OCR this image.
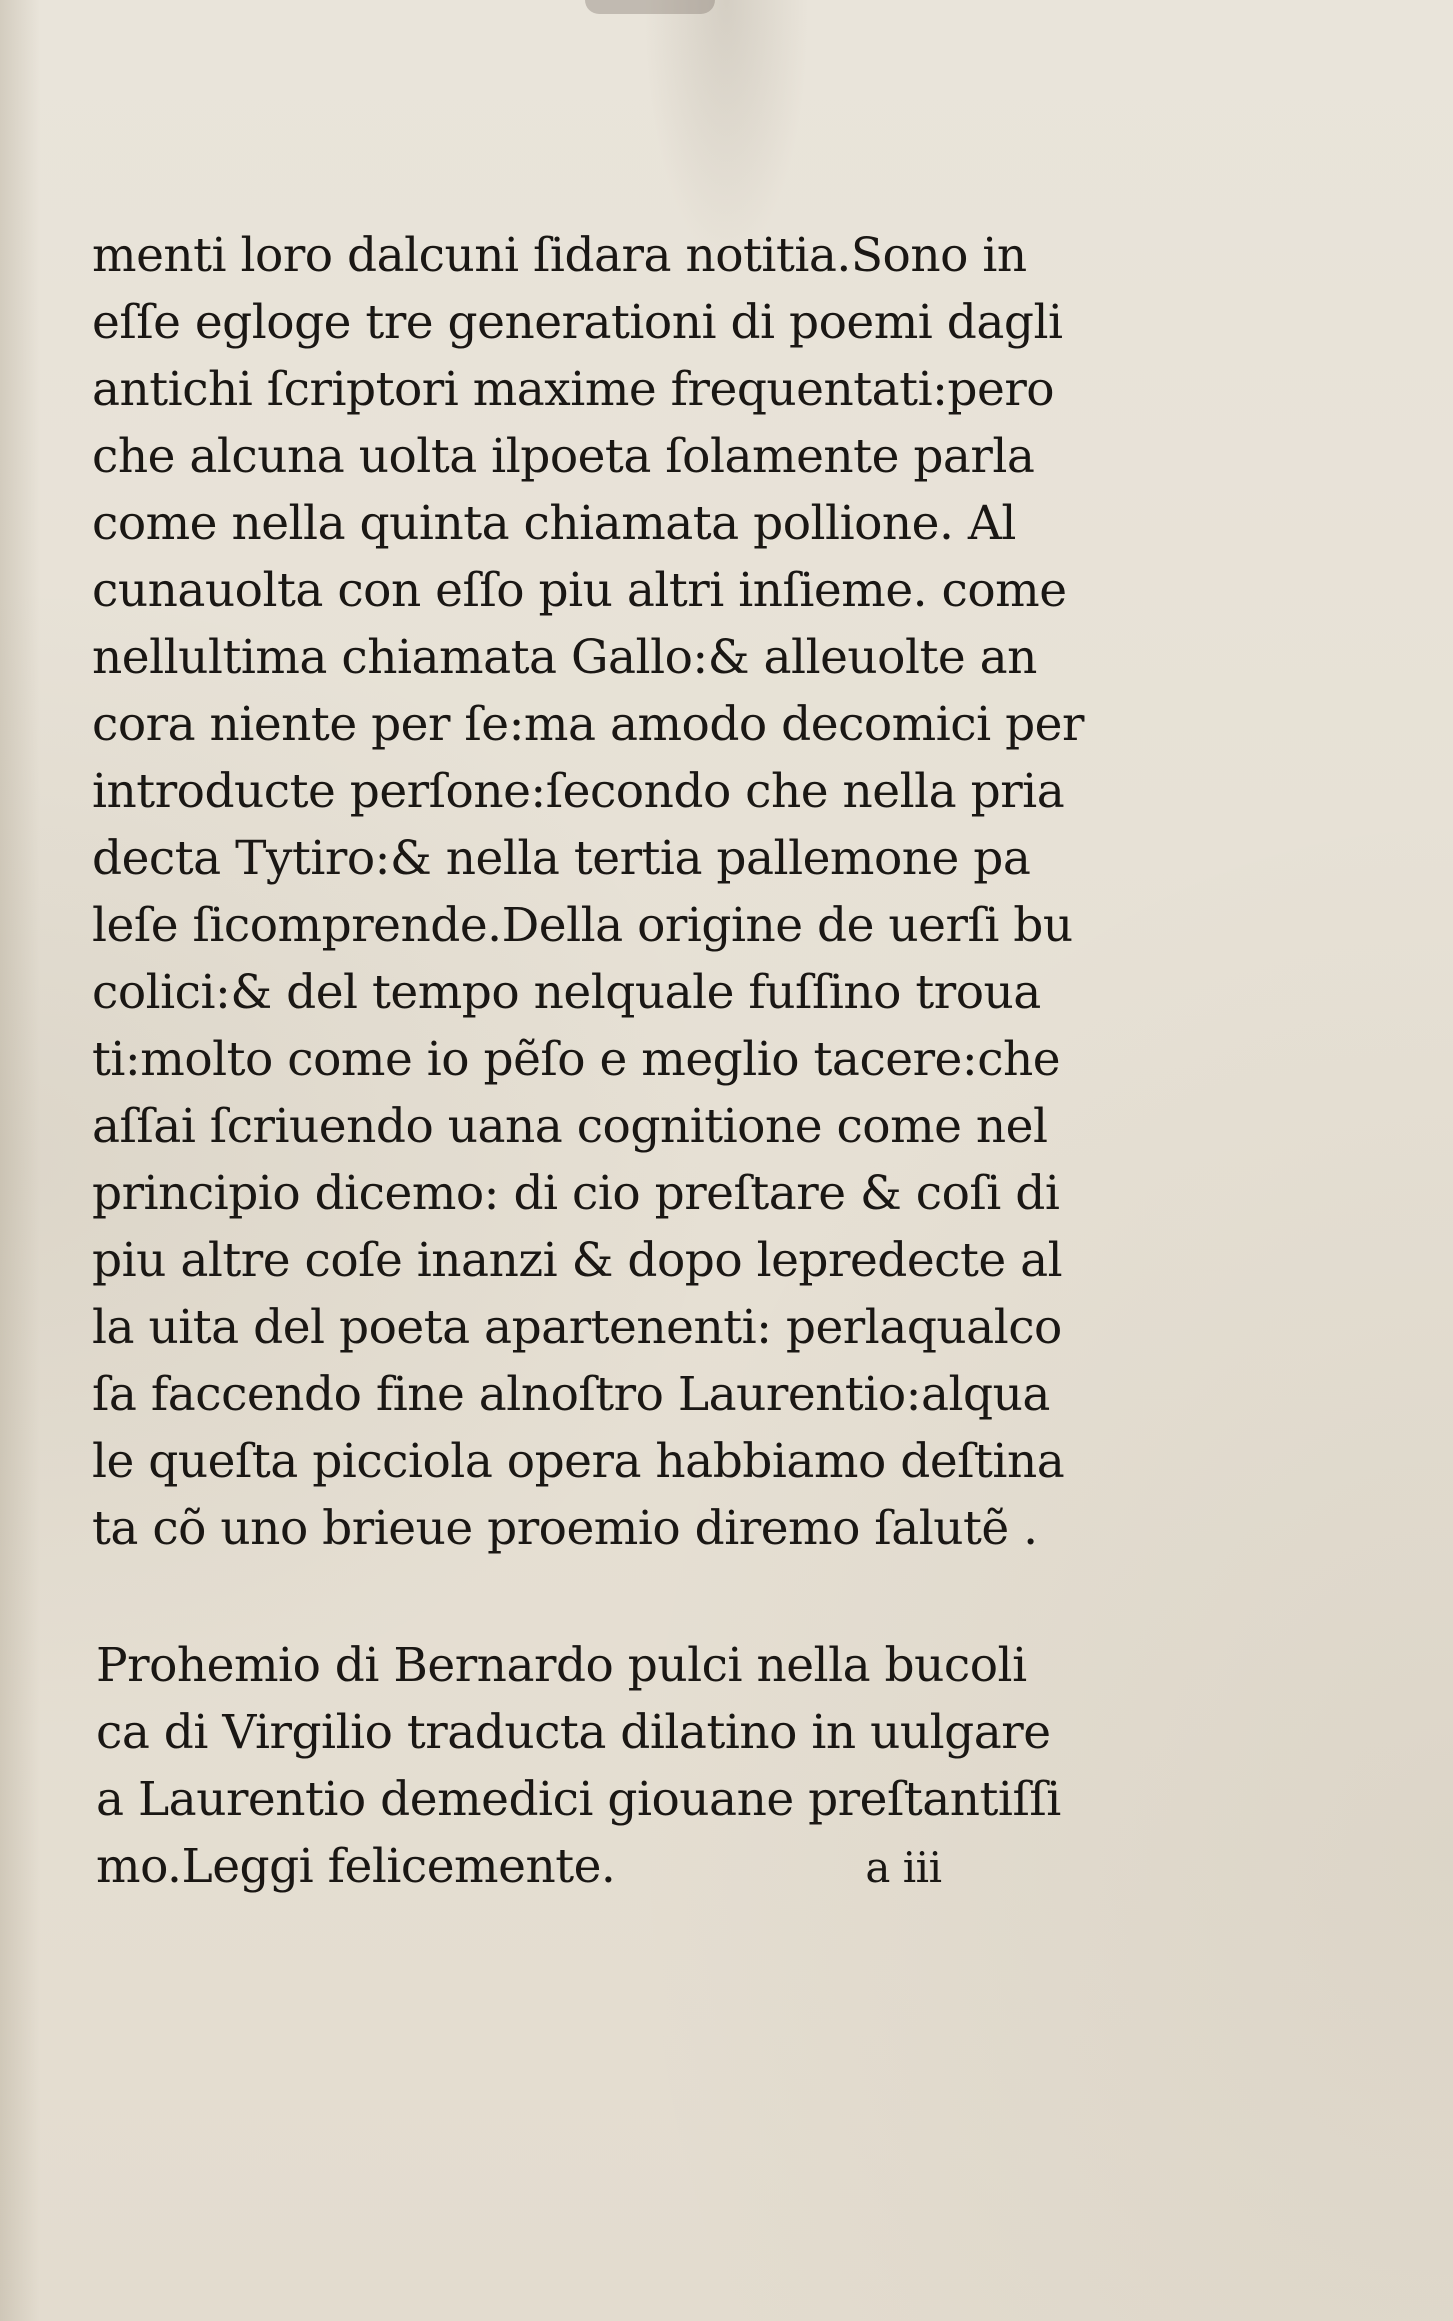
menti loro dalcuni ſidara notitia.Sono in
eſſe egloge tre generationi di poemi dagli
antichi ſcriptori maxime frequentati:pero
che alcuna uolta ilpoeta ſolamente parla
come nella quinta chiamata pollione. Al
cunauolta con eſſo piu altri inſieme. come
nellultima chiamata Gallo:& alleuolte an
cora niente per ſe:ma amodo decomici per
introducte perſone:ſecondo che nella pria
decta Tytiro:& nella tertia pallemone pa
leſe ſicomprende.Della origine de uerſi bu
colici:& del tempo nelquale fuſſino troua
ti:molto come io pẽſo e meglio tacere:che
aſſai ſcriuendo uana cognitione come nel
principio dicemo: di cio preſtare & coſi di
piu altre coſe inanzi & dopo lepredecte al
la uita del poeta apartenenti: perlaqualco
ſa faccendo fine alnoſtro Laurentio:alqua
le queſta picciola opera habbiamo deſtina
ta cõ uno brieue proemio diremo ſalutẽ .
Prohemio di Bernardo pulci nella bucoli
ca di Virgilio traducta dilatino in uulgare
a Laurentio demedici giouane preſtantiſſi
mo.Leggi felicemente.	a iii
